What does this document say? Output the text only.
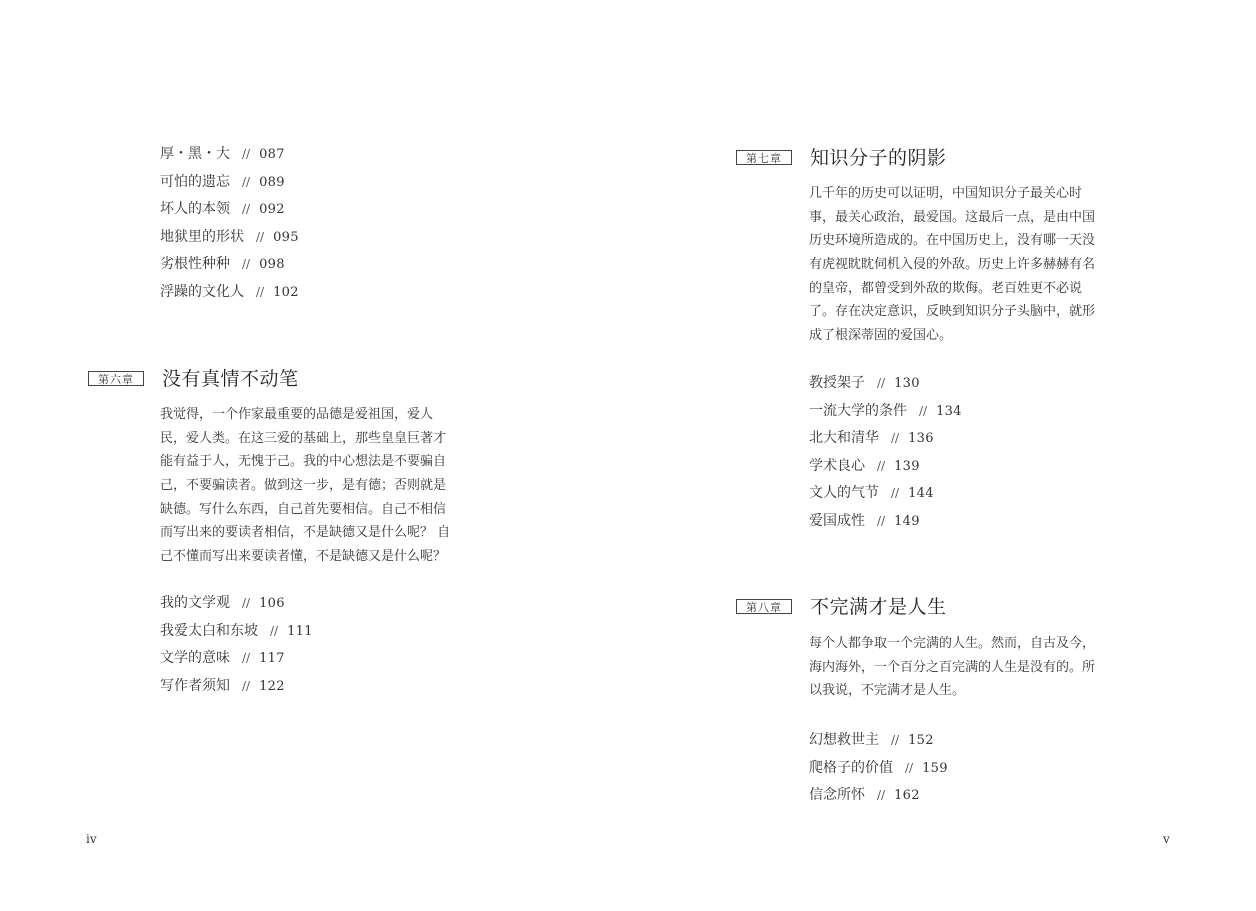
厚・黑・大 // 087
可怕的遗忘 // 089
坏人的本领 // 092
地狱里的形状 // 095
劣根性种种 // 098
浮躁的文化人 // 102
第六章	没有真情不动笔

我觉得，一个作家最重要的品德是爱祖国，爱人
民，爱人类。在这三爱的基础上，那些皇皇巨著才
能有益于人，无愧于己。我的中心想法是不要骗自
己，不要骗读者。做到这一步，是有德；否则就是
缺德。写什么东西，自己首先要相信。自己不相信
而写出来的要读者相信，不是缺德又是什么呢？ 自
己不懂而写出来要读者懂，不是缺德又是什么呢？

我的文学观 // 106
我爱太白和东坡 // 111
文学的意味 // 117
写作者须知 // 122
iv
第七章	知识分子的阴影

几千年的历史可以证明，中国知识分子最关心时
事，最关心政治，最爱国。这最后一点，是由中国
历史环境所造成的。在中国历史上，没有哪一天没
有虎视眈眈伺机入侵的外敌。历史上许多赫赫有名
的皇帝，都曾受到外敌的欺侮。老百姓更不必说
了。存在决定意识，反映到知识分子头脑中，就形
成了根深蒂固的爱国心。

教授架子 // 130
一流大学的条件 // 134
北大和清华 // 136
学术良心 // 139
文人的气节 // 144
爱国成性 // 149
第八章	不完满才是人生

每个人都争取一个完满的人生。然而，自古及今，
海内海外，一个百分之百完满的人生是没有的。所
以我说，不完满才是人生。

幻想救世主 // 152
爬格子的价值 // 159
信念所怀 // 162
v
